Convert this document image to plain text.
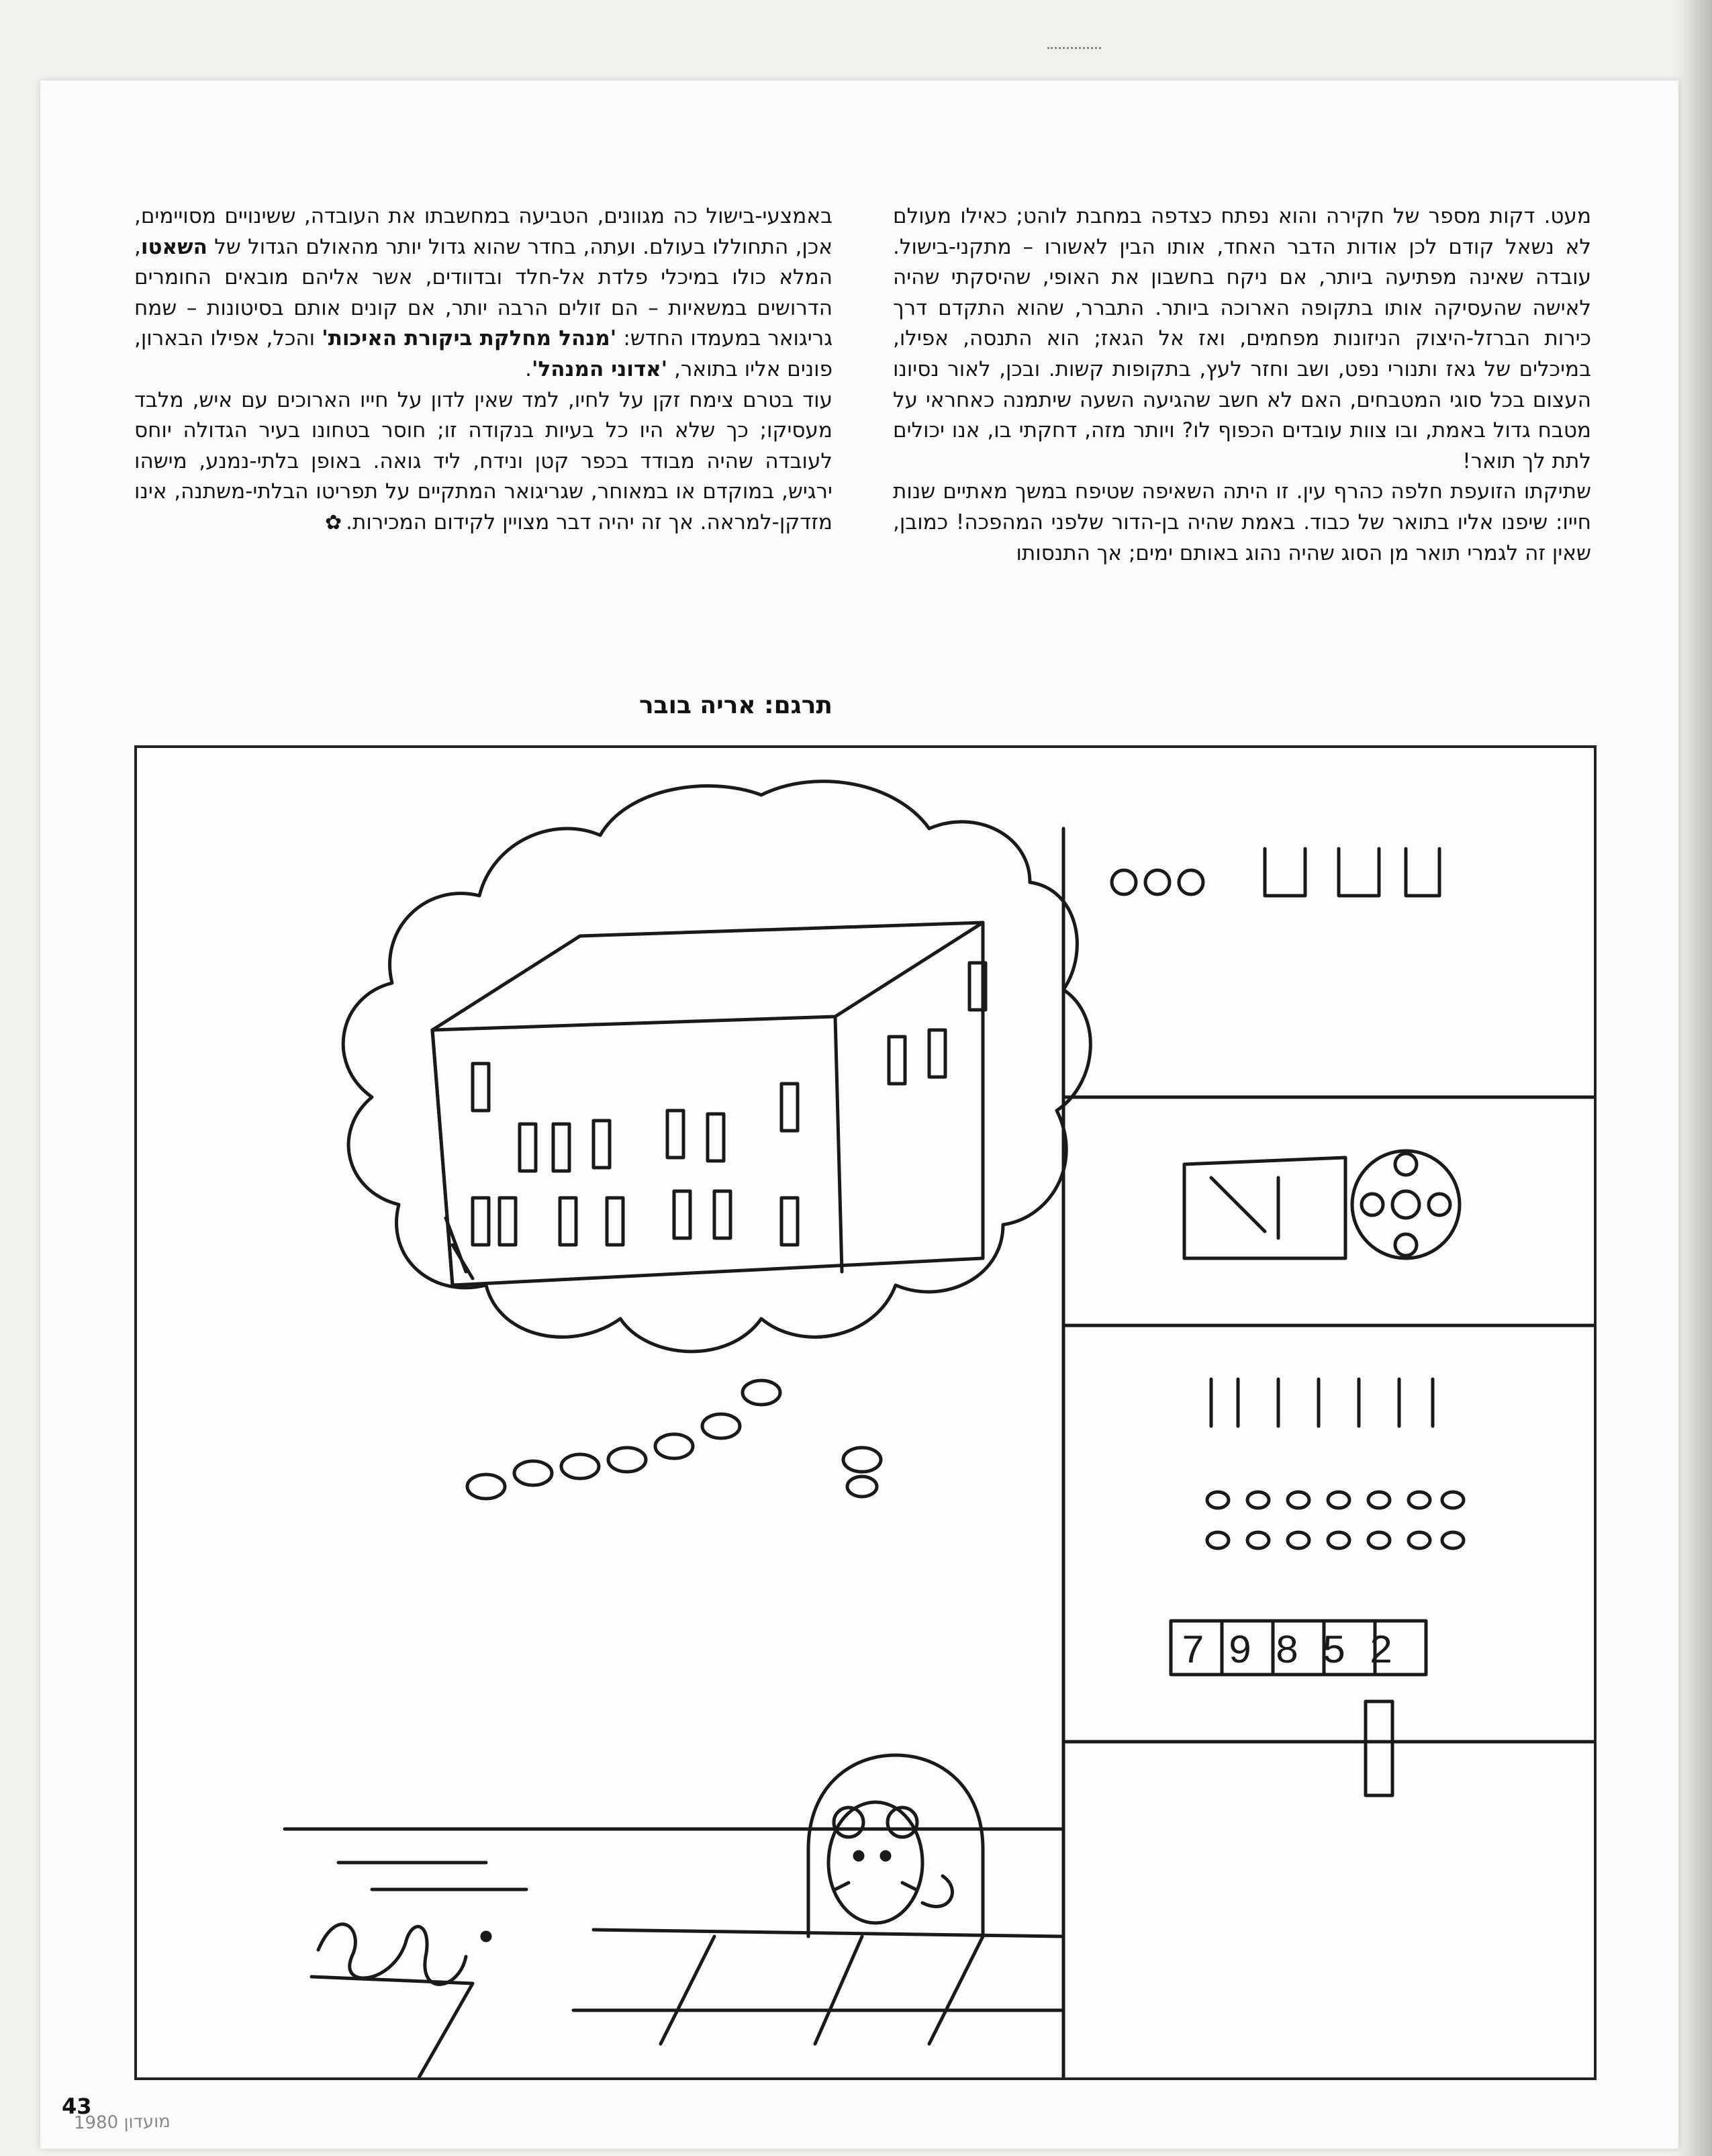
מעט. דקות מספר של חקירה והוא נפתח כצדפה במחבת לוהט; כאילו מעולם לא נשאל קודם לכן אודות הדבר האחד, אותו הבין לאשורו – מתקני-בישול. עובדה שאינה מפתיעה ביותר, אם ניקח בחשבון את האופי, שהיסקתי שהיה לאישה שהעסיקה אותו בתקופה הארוכה ביותר. התברר, שהוא התקדם דרך כירות הברזל-היצוק הניזונות מפחמים, ואז אל הגאז; הוא התנסה, אפילו, במיכלים של גאז ותנורי נפט, ושב וחזר לעץ, בתקופות קשות. ובכן, לאור נסיונו העצום בכל סוגי המטבחים, האם לא חשב שהגיעה השעה שיתמנה כאחראי על מטבח גדול באמת, ובו צוות עובדים הכפוף לו? ויותר מזה, דחקתי בו, אנו יכולים לתת לך תואר!

שתיקתו הזועפת חלפה כהרף עין. זו היתה השאיפה שטיפח במשך מאתיים שנות חייו: שיפנו אליו בתואר של כבוד. באמת שהיה בן-הדור שלפני המהפכה! כמובן, שאין זה לגמרי תואר מן הסוג שהיה נהוג באותם ימים; אך התנסותו

באמצעי-בישול כה מגוונים, הטביעה במחשבתו את העובדה, ששינויים מסויימים, אכן, התחוללו בעולם. ועתה, בחדר שהוא גדול יותר מהאולם הגדול של השאטו, המלא כולו במיכלי פלדת אל-חלד ובדוודים, אשר אליהם מובאים החומרים הדרושים במשאיות – הם זולים הרבה יותר, אם קונים אותם בסיטונות – שמח גריגואר במעמדו החדש: 'מנהל מחלקת ביקורת האיכות' והכל, אפילו הבארון, פונים אליו בתואר, 'אדוני המנהל'.

עוד בטרם צימח זקן על לחיו, למד שאין לדון על חייו הארוכים עם איש, מלבד מעסיקו; כך שלא היו כל בעיות בנקודה זו; חוסר בטחונו בעיר הגדולה יוחס לעובדה שהיה מבודד בכפר קטן ונידח, ליד גואה. באופן בלתי-נמנע, מישהו ירגיש, במוקדם או במאוחר, שגריגואר המתקיים על תפריטו הבלתי-משתנה, אינו מזדקן-למראה. אך זה יהיה דבר מצויין לקידום המכירות.✿

תרגם: אריה בובר
79852
43
1980 מועדון
